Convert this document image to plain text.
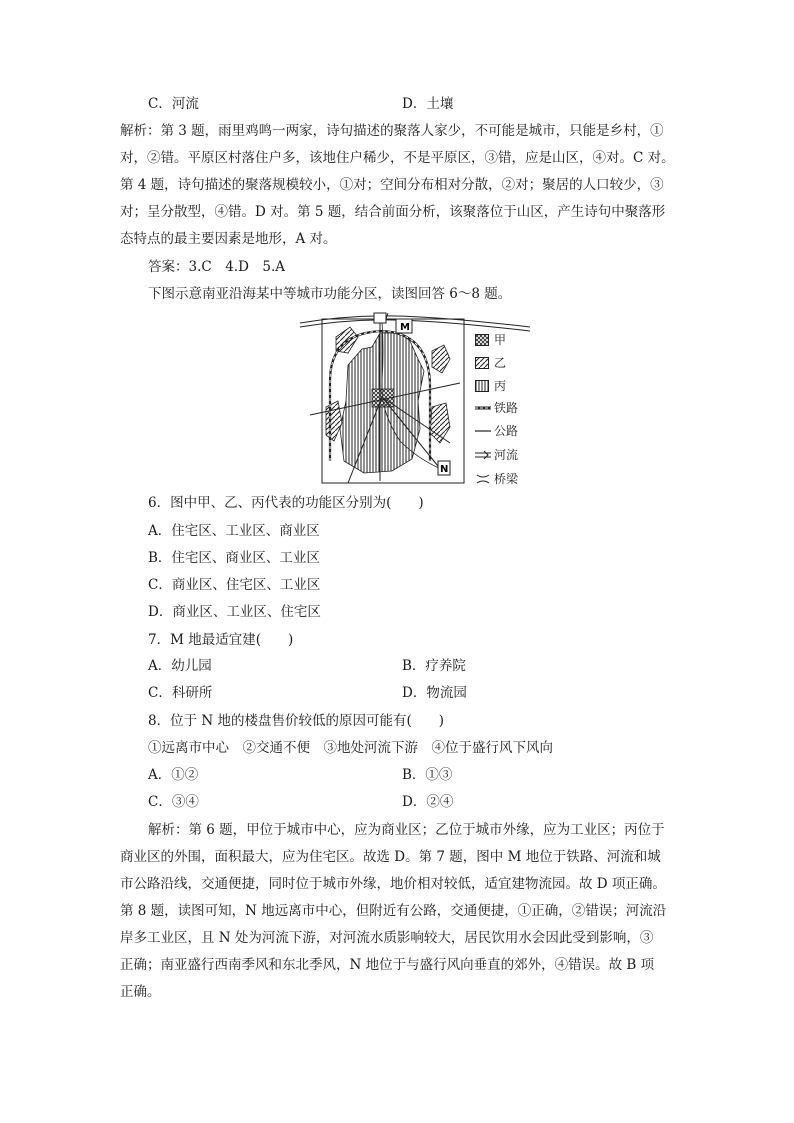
C．河流	D．土壤
解析：第 3 题，雨里鸡鸣一两家，诗句描述的聚落人家少，不可能是城市，只能是乡村，①
对，②错。平原区村落住户多，该地住户稀少，不是平原区，③错，应是山区，④对。C 对。
第 4 题，诗句描述的聚落规模较小，①对；空间分布相对分散，②对；聚居的人口较少，③
对；呈分散型，④错。D 对。第 5 题，结合前面分析，该聚落位于山区，产生诗句中聚落形
态特点的最主要因素是地形，A 对。
答案：3.C　4.D　5.A
下图示意南亚沿海某中等城市功能分区，读图回答 6～8 题。
M
N
甲
乙
丙
铁路
公路
河流
桥梁
6．图中甲、乙、丙代表的功能区分别为(　　)
A．住宅区、工业区、商业区
B．住宅区、商业区、工业区
C．商业区、住宅区、工业区
D．商业区、工业区、住宅区
7．M 地最适宜建(　　)
A．幼儿园	B．疗养院
C．科研所	D．物流园
8．位于 N 地的楼盘售价较低的原因可能有(　　)
①远离市中心　②交通不便　③地处河流下游　④位于盛行风下风向
A．①②	B．①③
C．③④	D．②④
解析：第 6 题，甲位于城市中心，应为商业区；乙位于城市外缘，应为工业区；丙位于
商业区的外围，面积最大，应为住宅区。故选 D。第 7 题，图中 M 地位于铁路、河流和城
市公路沿线，交通便捷，同时位于城市外缘，地价相对较低，适宜建物流园。故 D 项正确。
第 8 题，读图可知，N 地远离市中心，但附近有公路，交通便捷，①正确，②错误；河流沿
岸多工业区，且 N 处为河流下游，对河流水质影响较大，居民饮用水会因此受到影响，③
正确；南亚盛行西南季风和东北季风，N 地位于与盛行风向垂直的郊外，④错误。故 B 项
正确。
